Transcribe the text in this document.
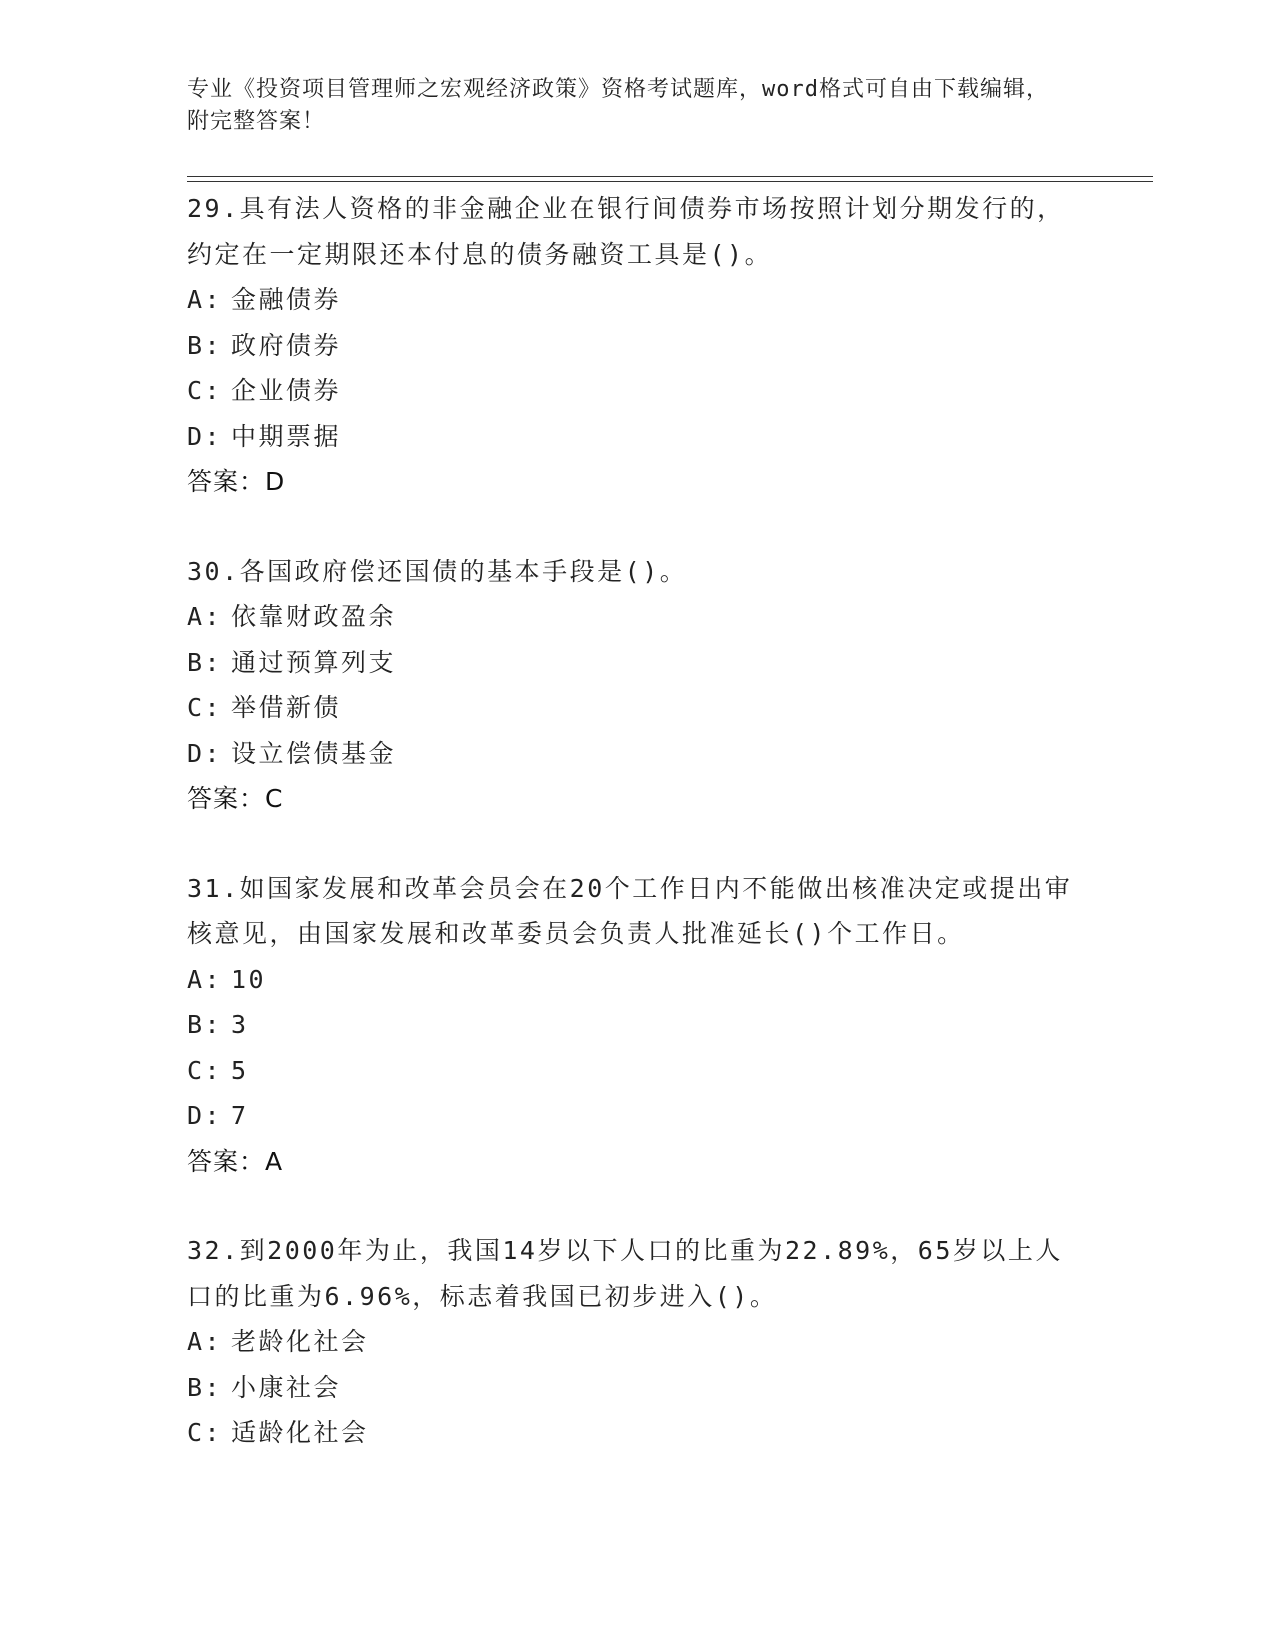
专业《投资项目管理师之宏观经济政策》资格考试题库，word格式可自由下载编辑，附完整答案！

29.具有法人资格的非金融企业在银行间债券市场按照计划分期发行的，约定在一定期限还本付息的债务融资工具是()。

A: 金融债券

B: 政府债券

C: 企业债券

D: 中期票据

答案：D

30.各国政府偿还国债的基本手段是()。

A: 依靠财政盈余

B: 通过预算列支

C: 举借新债

D: 设立偿债基金

答案：C

31.如国家发展和改革会员会在20个工作日内不能做出核准决定或提出审核意见，由国家发展和改革委员会负责人批准延长()个工作日。

A: 10

B: 3

C: 5

D: 7

答案：A

32.到2000年为止，我国14岁以下人口的比重为22.89%，65岁以上人口的比重为6.96%，标志着我国已初步进入()。

A: 老龄化社会

B: 小康社会

C: 适龄化社会
